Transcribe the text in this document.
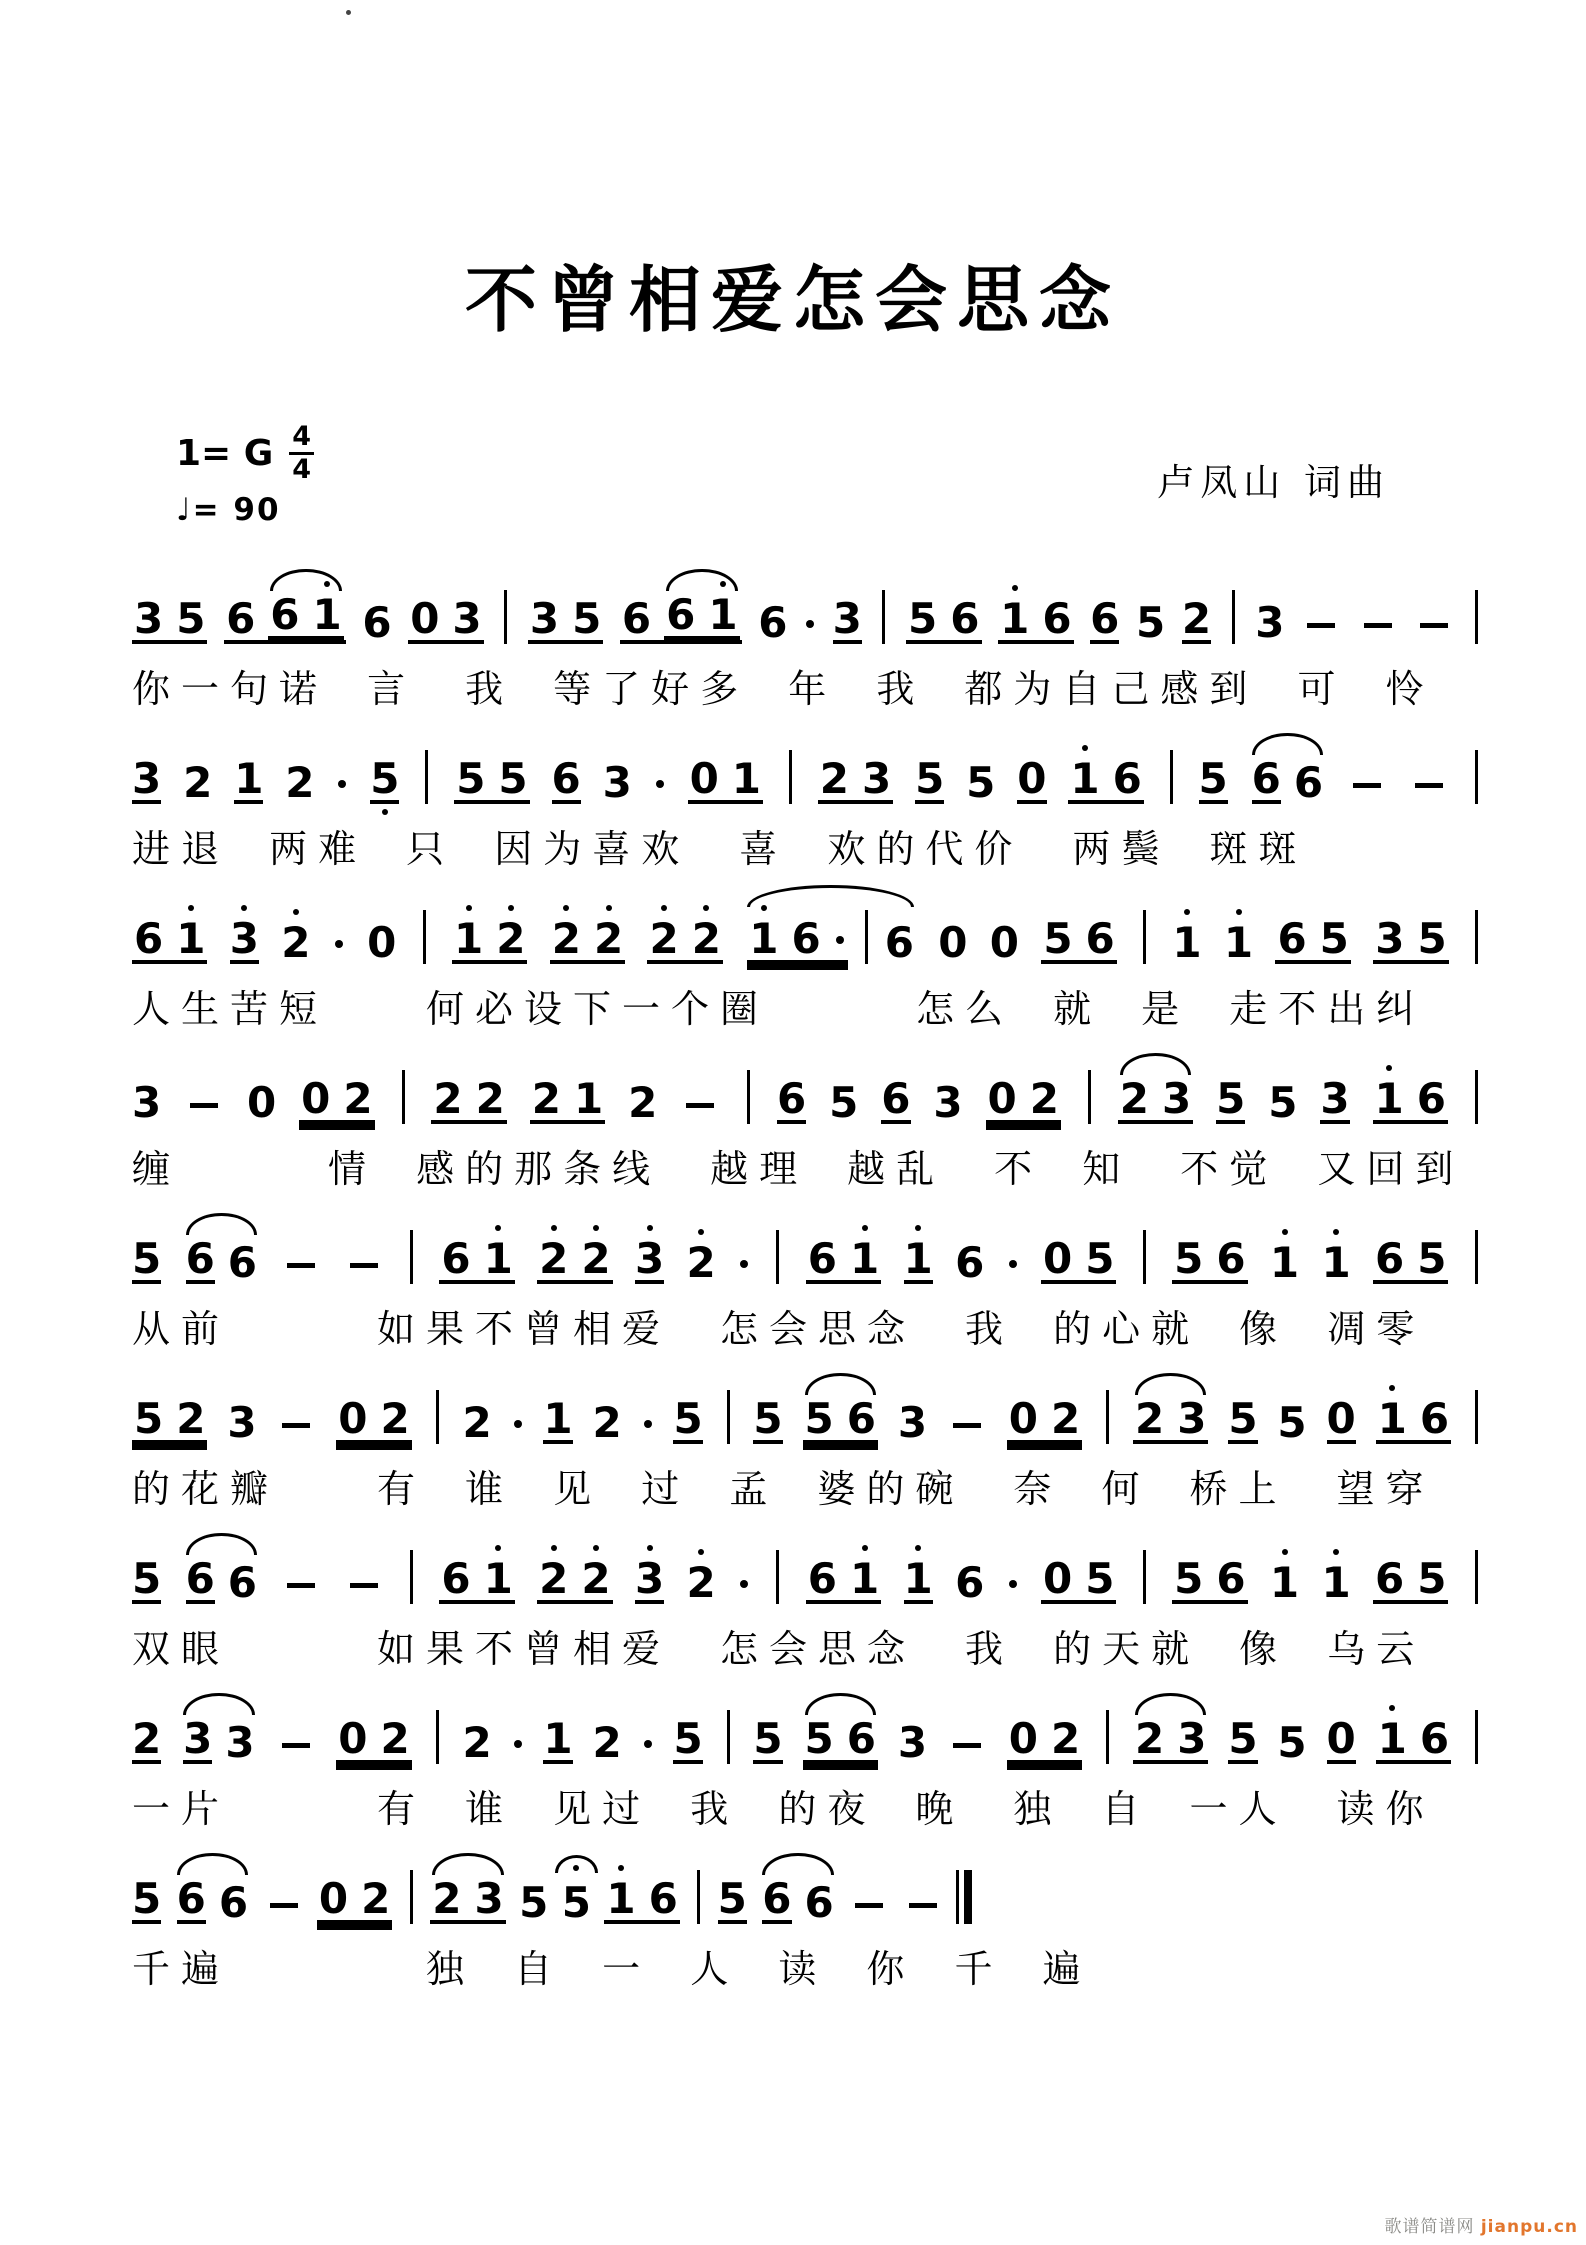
不曾相爱怎会思念
1= G $\frac{4}{4}$
♩= 90
卢凤山 词曲
3 5 6 6 1 6 0 3 3 5 6 6 1 6 3 5 6 1 6 6 5 2 3
你一句诺 言　我 等了好多 年 我 都为自己感到 可 怜
3 2 1 2 5 5 5 6 3 0 1 2 3 5 5 0 1 6 5 6 6
进退 两难 只 因为喜欢　喜 欢的代价　两鬓 斑斑
6 1 3 2 0 1 2 2 2 2 2 1 6 6 0 0 5 6 1 1 6 5 3 5
人生苦短　　何必设下一个圈　　　怎么 就 是 走不出纠
3 0 0 2 2 2 2 1 2	6 5 6 3 0 2 2 3 5 5 3 1 6
缠　　　情 感的那条线　越理 越乱　不 知　不觉 又回到
5 6 6	6 1 2 2 3 2 6 1 1 6 0 5 5 6 1 1 6 5
从前　　　如果不曾相爱　怎会思念　我 的心就 像 凋零
5 2 3 0 2 2 1 2 5 5 5 6 3 0 2 2 3 5 5 0 1 6
的花瓣　　有 谁 见 过 孟 婆的碗　奈 何 桥上　望穿
5 6 6	6 1 2 2 3 2 6 1 1 6 0 5 5 6 1 1 6 5
双眼　　　如果不曾相爱　怎会思念　我 的天就 像 乌云
2 3 3 0 2 2 1 2 5 5 5 6 3 0 2 2 3 5 5 0 1 6
一片　　　有 谁 见过 我 的夜 晚　独 自 一人　读你
5 6 6 0 2 2 3 5 5 1 6 5 6 6
千遍　　　　独 自 一 人 读 你 千 遍
歌谱简谱网 jianpu.cn
